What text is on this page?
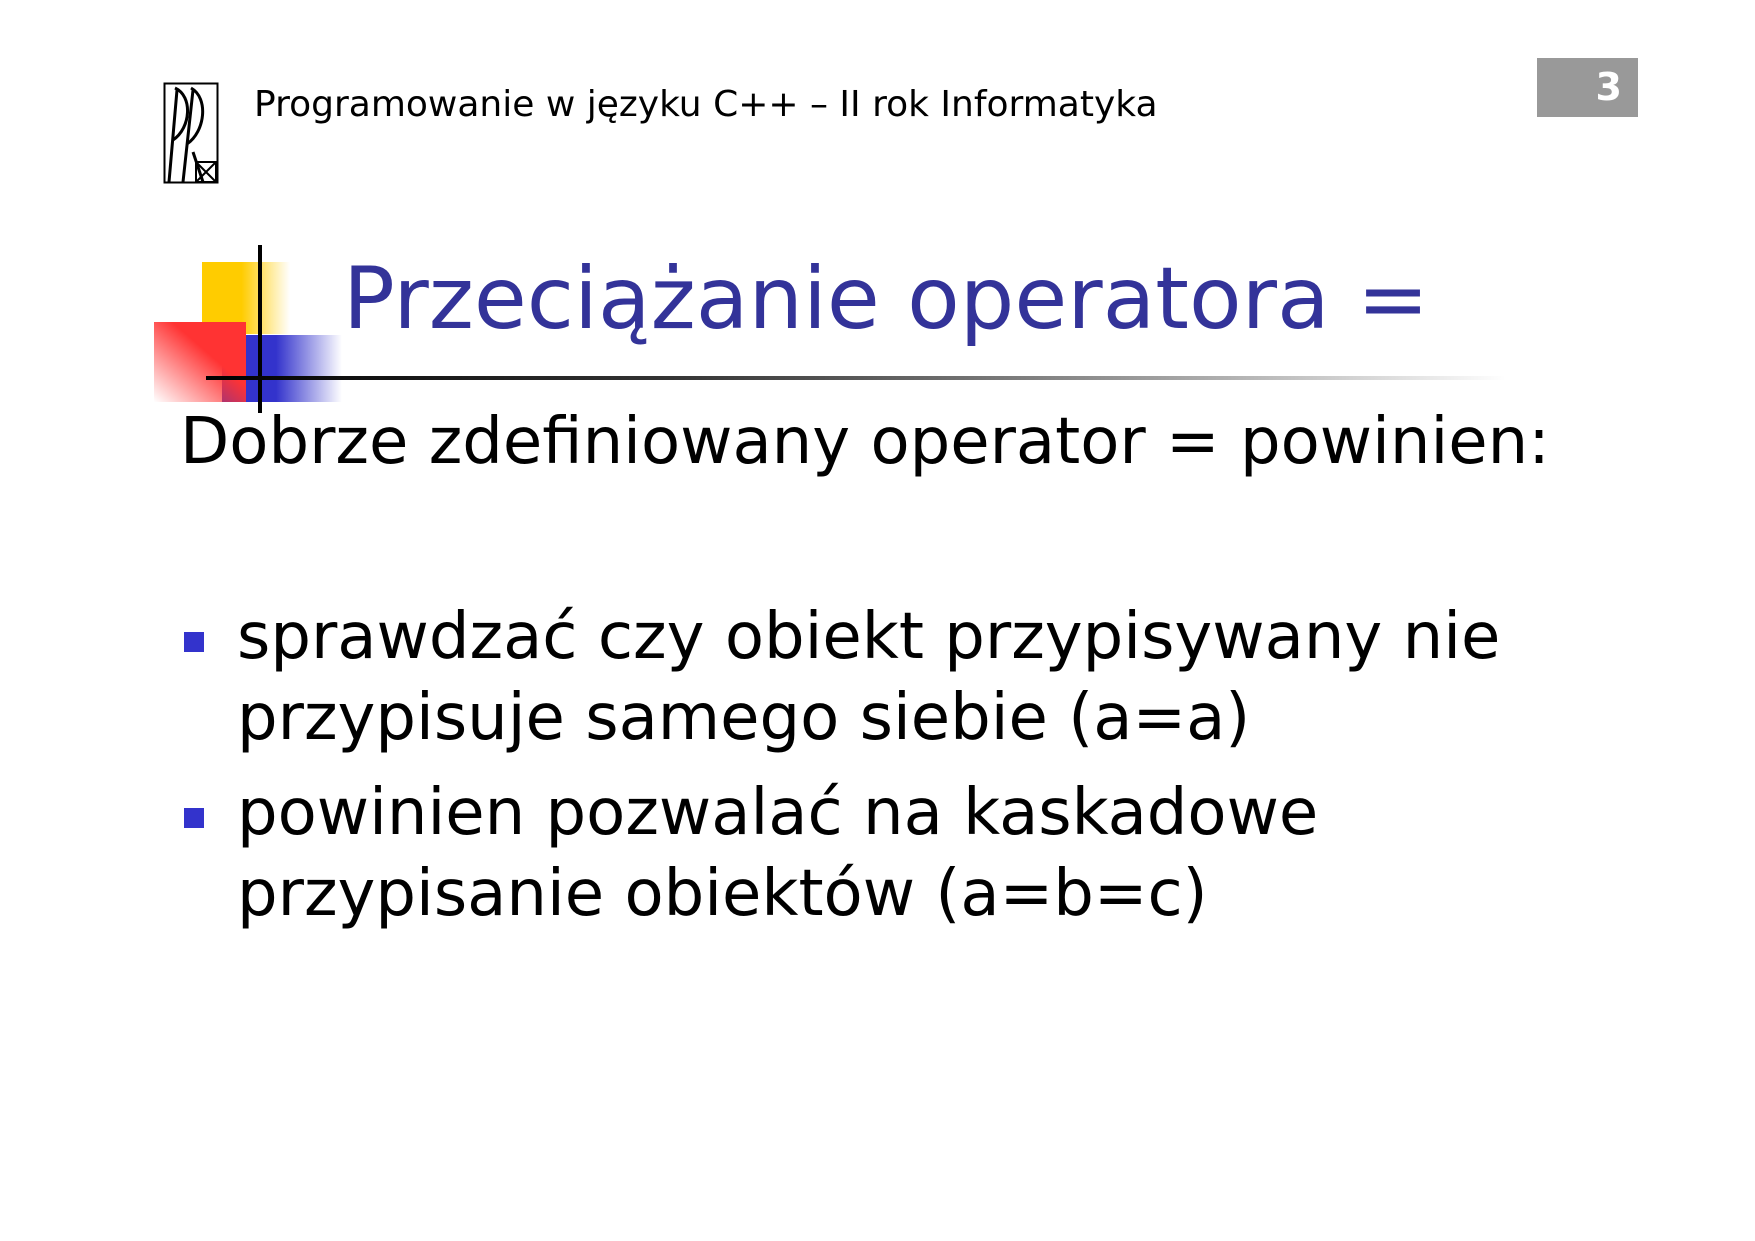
Programowanie w języku C++ – II rok Informatyka	3
Przeciążanie operatora =
Dobrze zdefiniowany operator = powinien:
sprawdzać czy obiekt przypisywany nie przypisuje samego siebie (a=a)
powinien pozwalać na kaskadowe przypisanie obiektów (a=b=c)
